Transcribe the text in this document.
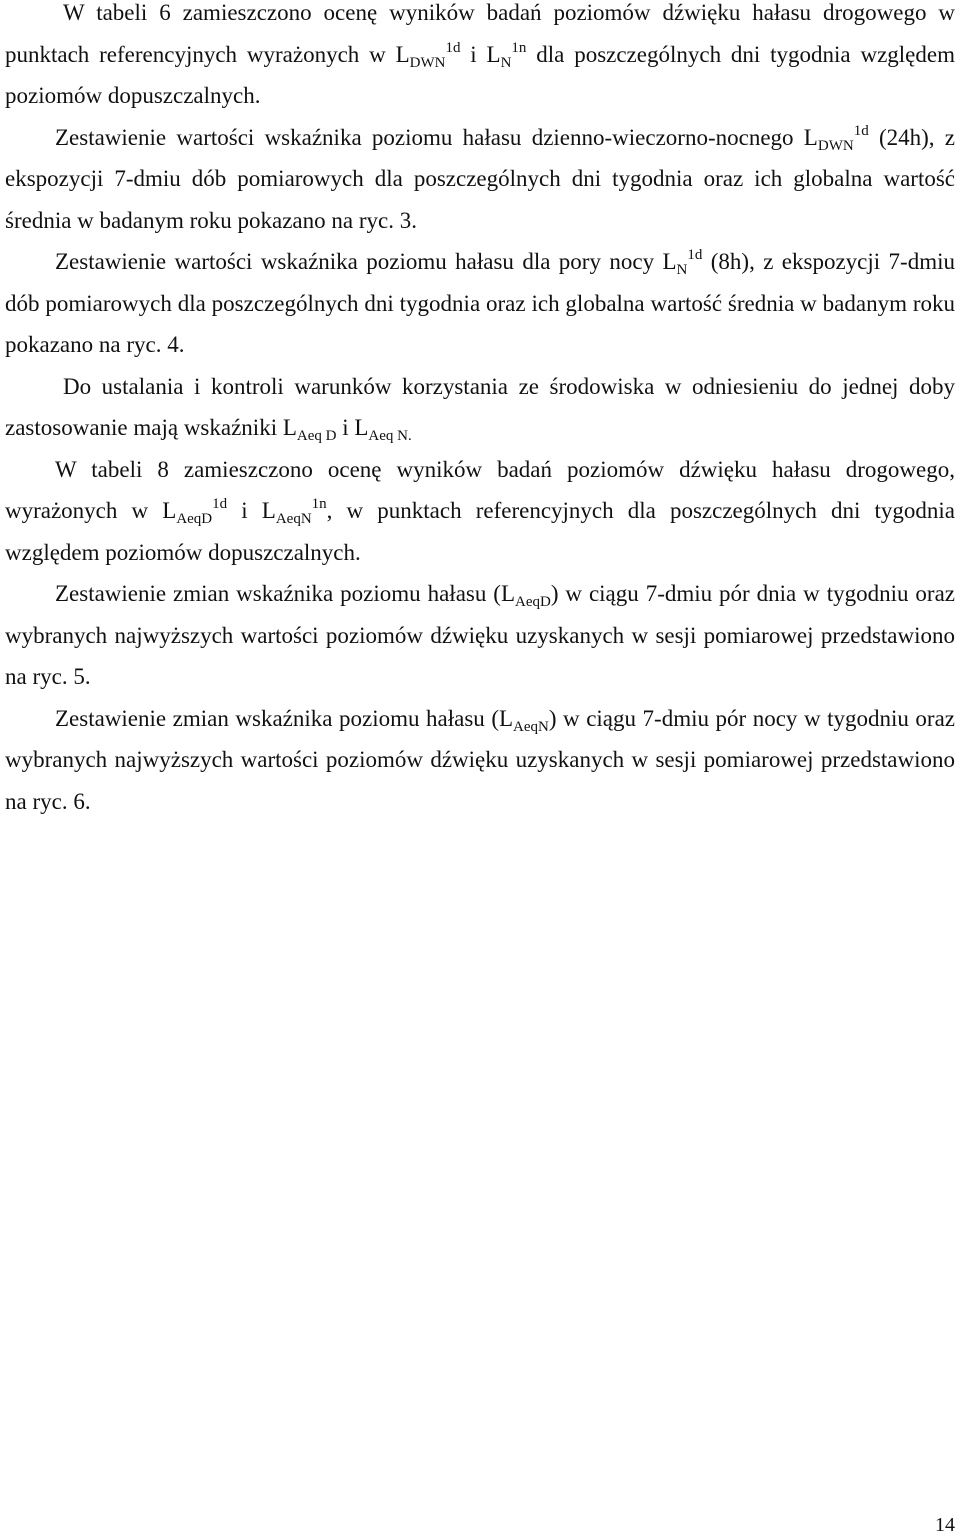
W tabeli 6 zamieszczono ocenę wyników badań poziomów dźwięku hałasu drogowego w punktach referencyjnych wyrażonych w $L_{DWN}^{1d}$ i $L_N^{1n}$ dla poszczególnych dni tygodnia względem poziomów dopuszczalnych.

Zestawienie wartości wskaźnika poziomu hałasu dzienno-wieczorno-nocnego $L_{DWN}^{1d}$ (24h), z ekspozycji 7-dmiu dób pomiarowych dla poszczególnych dni tygodnia oraz ich globalna wartość średnia w badanym roku pokazano na ryc. 3.

Zestawienie wartości wskaźnika poziomu hałasu dla pory nocy $L_N^{1d}$ (8h), z ekspozycji 7-dmiu dób pomiarowych dla poszczególnych dni tygodnia oraz ich globalna wartość średnia w badanym roku pokazano na ryc. 4.

Do ustalania i kontroli warunków korzystania ze środowiska w odniesieniu do jednej doby zastosowanie mają wskaźniki $L_{Aeq D}$ i $L_{Aeq N.}$

W tabeli 8 zamieszczono ocenę wyników badań poziomów dźwięku hałasu drogowego, wyrażonych w $L_{AeqD}^{1d}$ i $L_{AeqN}^{1n}$, w punktach referencyjnych dla poszczególnych dni tygodnia względem poziomów dopuszczalnych.

Zestawienie zmian wskaźnika poziomu hałasu $(L_{AeqD})$ w ciągu 7-dmiu pór dnia w tygodniu oraz wybranych najwyższych wartości poziomów dźwięku uzyskanych w sesji pomiarowej przedstawiono na ryc. 5.

Zestawienie zmian wskaźnika poziomu hałasu $(L_{AeqN})$ w ciągu 7-dmiu pór nocy w tygodniu oraz wybranych najwyższych wartości poziomów dźwięku uzyskanych w sesji pomiarowej przedstawiono na ryc. 6.

14
